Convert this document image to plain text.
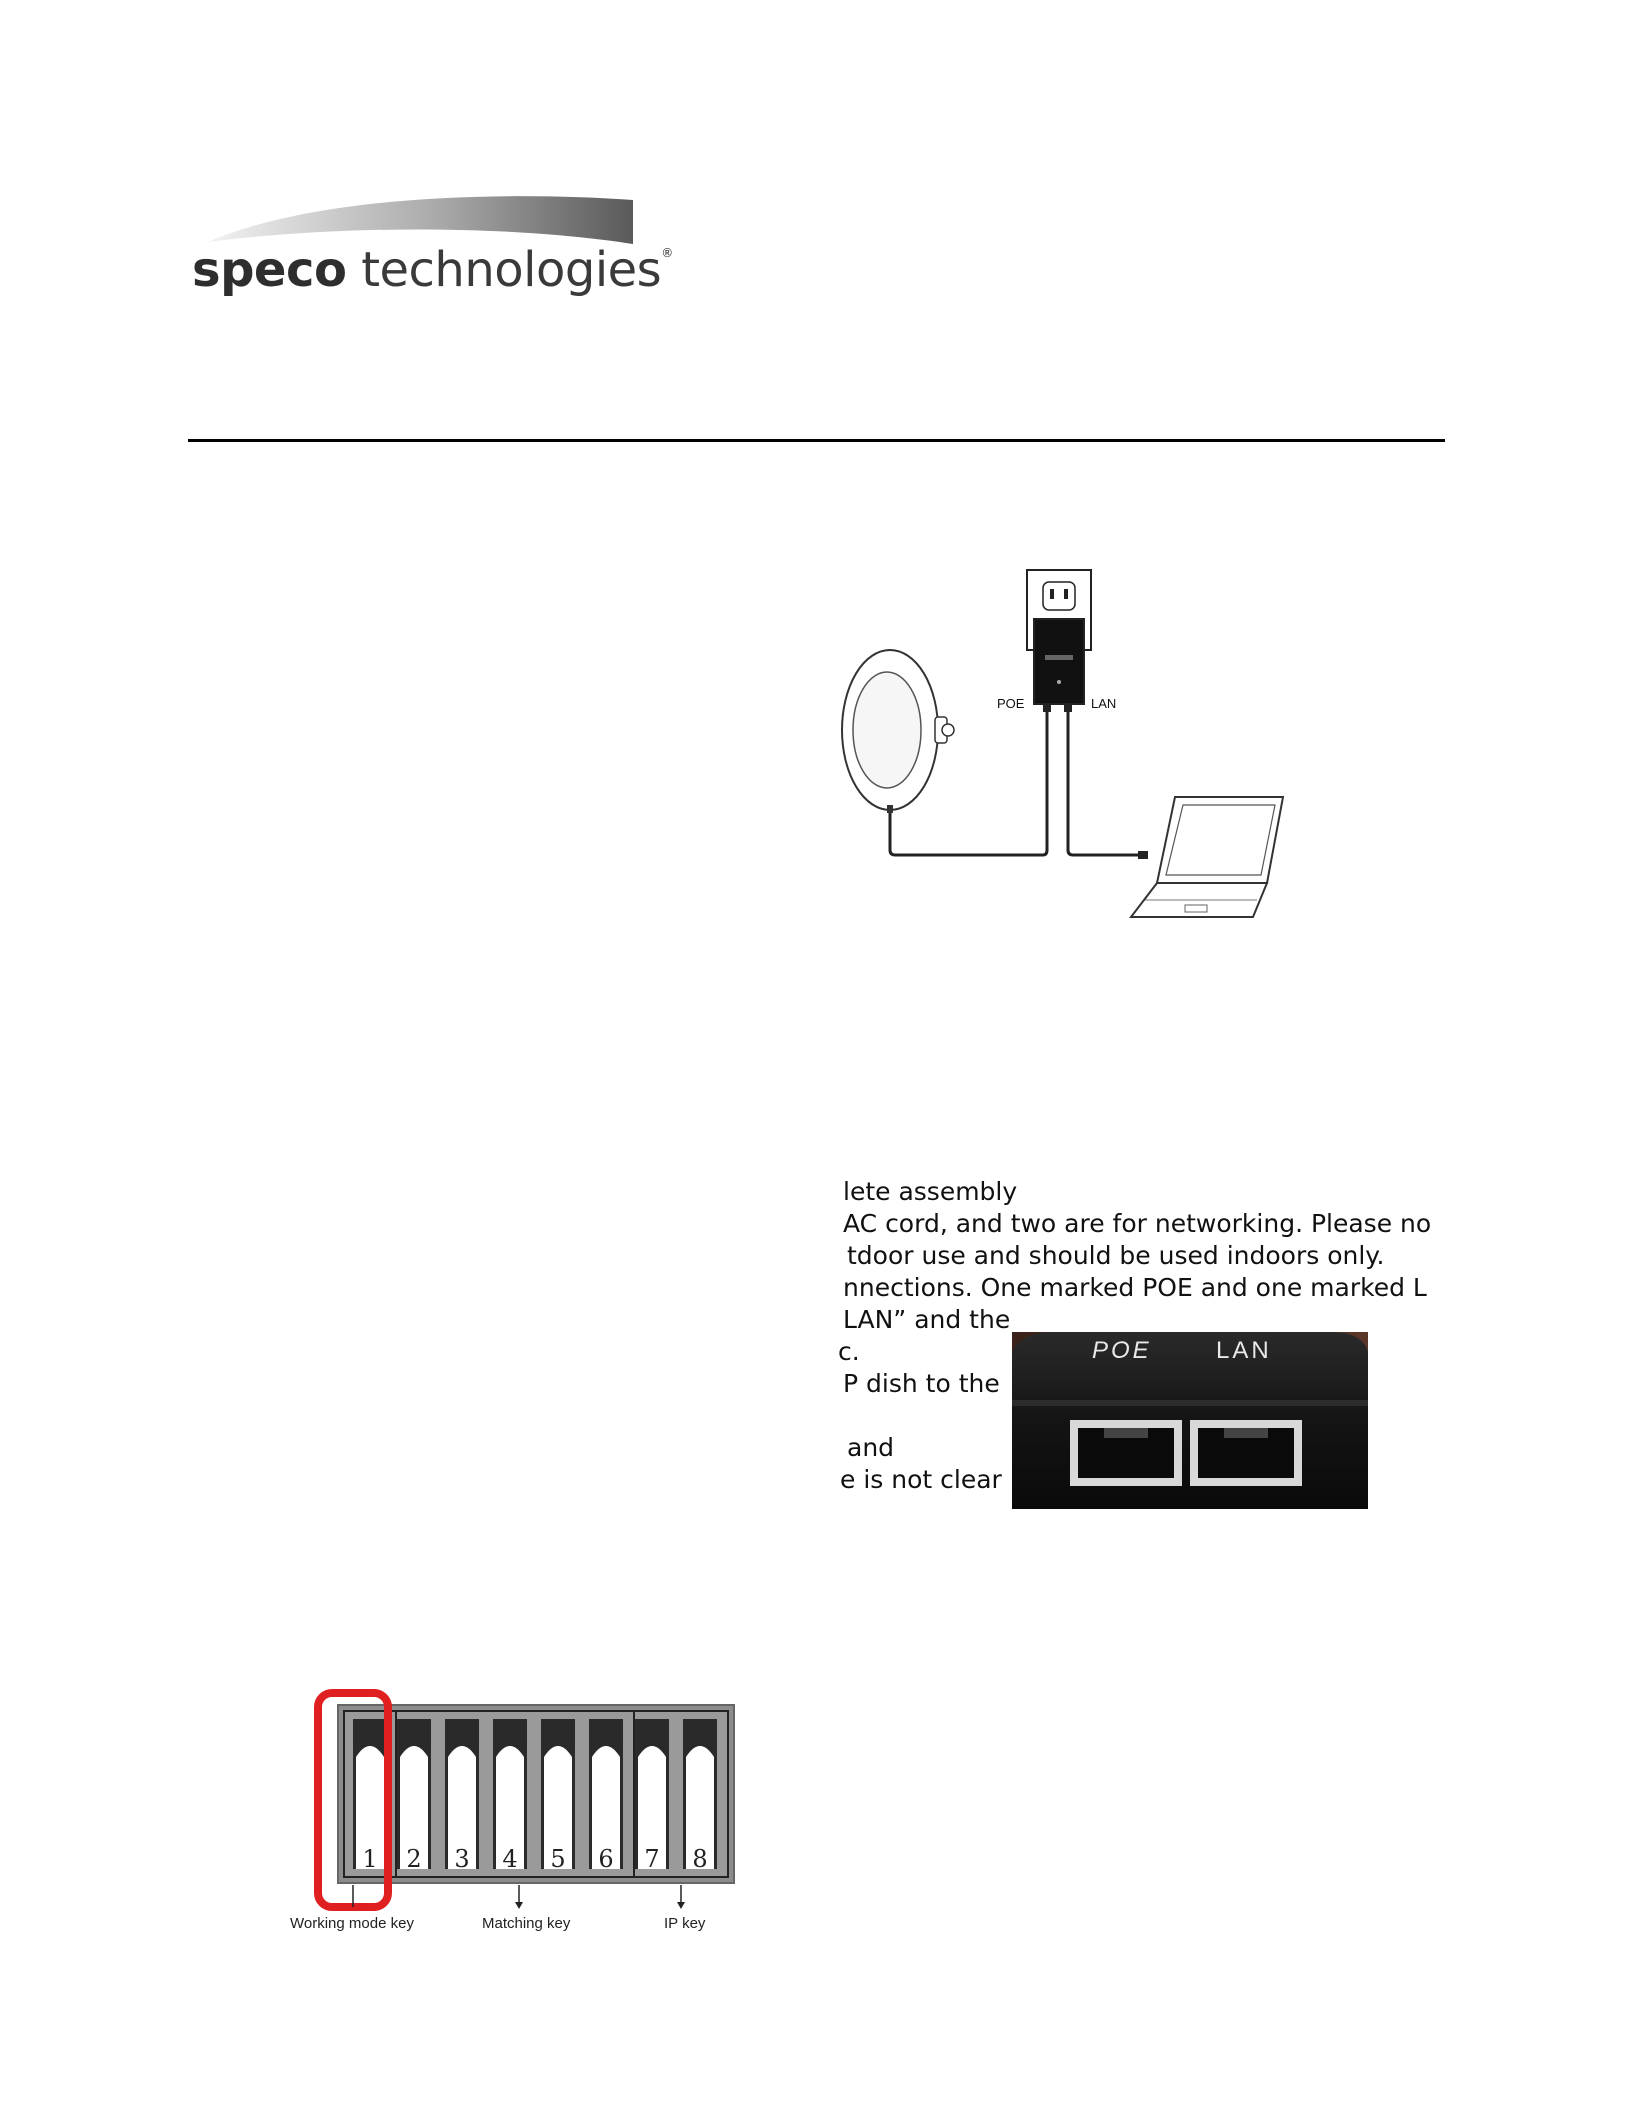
speco technologies®
POE	LAN
lete assembly
AC cord, and two are for networking. Please no
tdoor use and should be used indoors only.
nnections. One marked POE and one marked L
LAN” and the
c.
P dish to the
and
e is not clear
POE	LAN
1 2 3 4 5 6 7 8
Working mode key	Matching key	IP key
